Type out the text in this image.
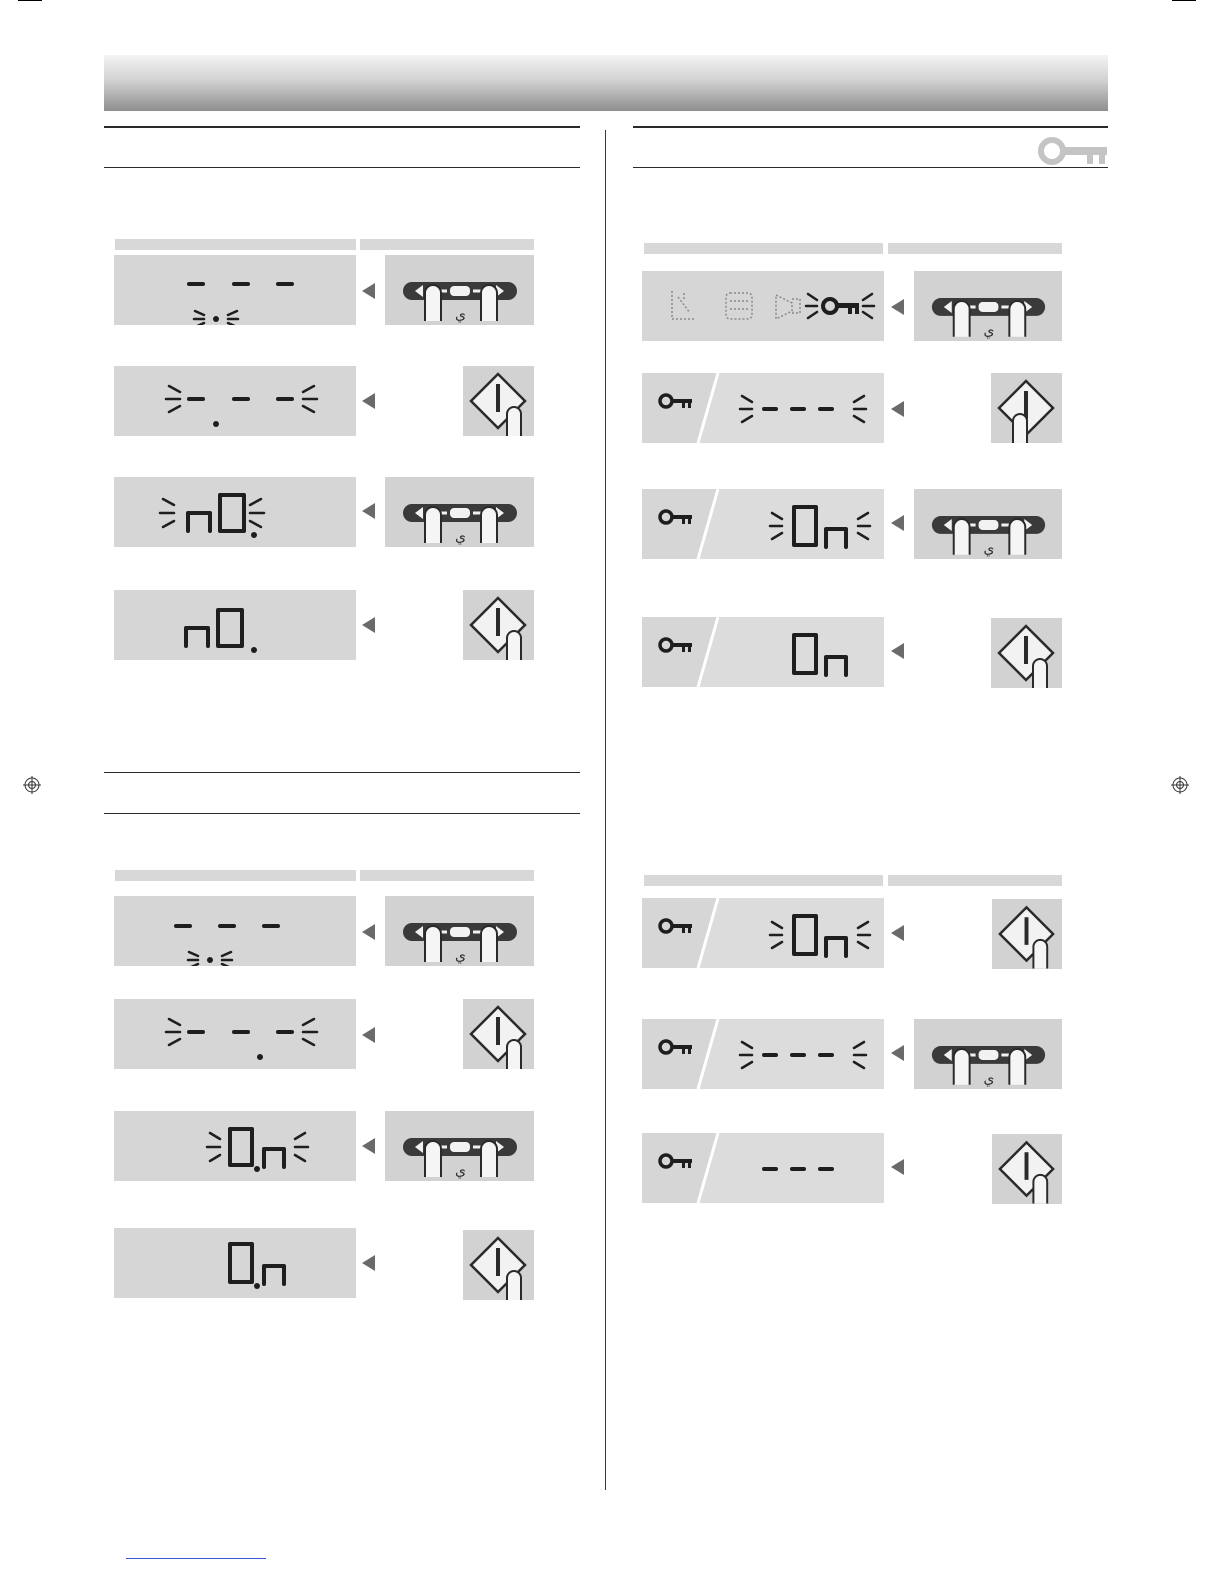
ي
ي
ي
ي
ي
ي
ي
